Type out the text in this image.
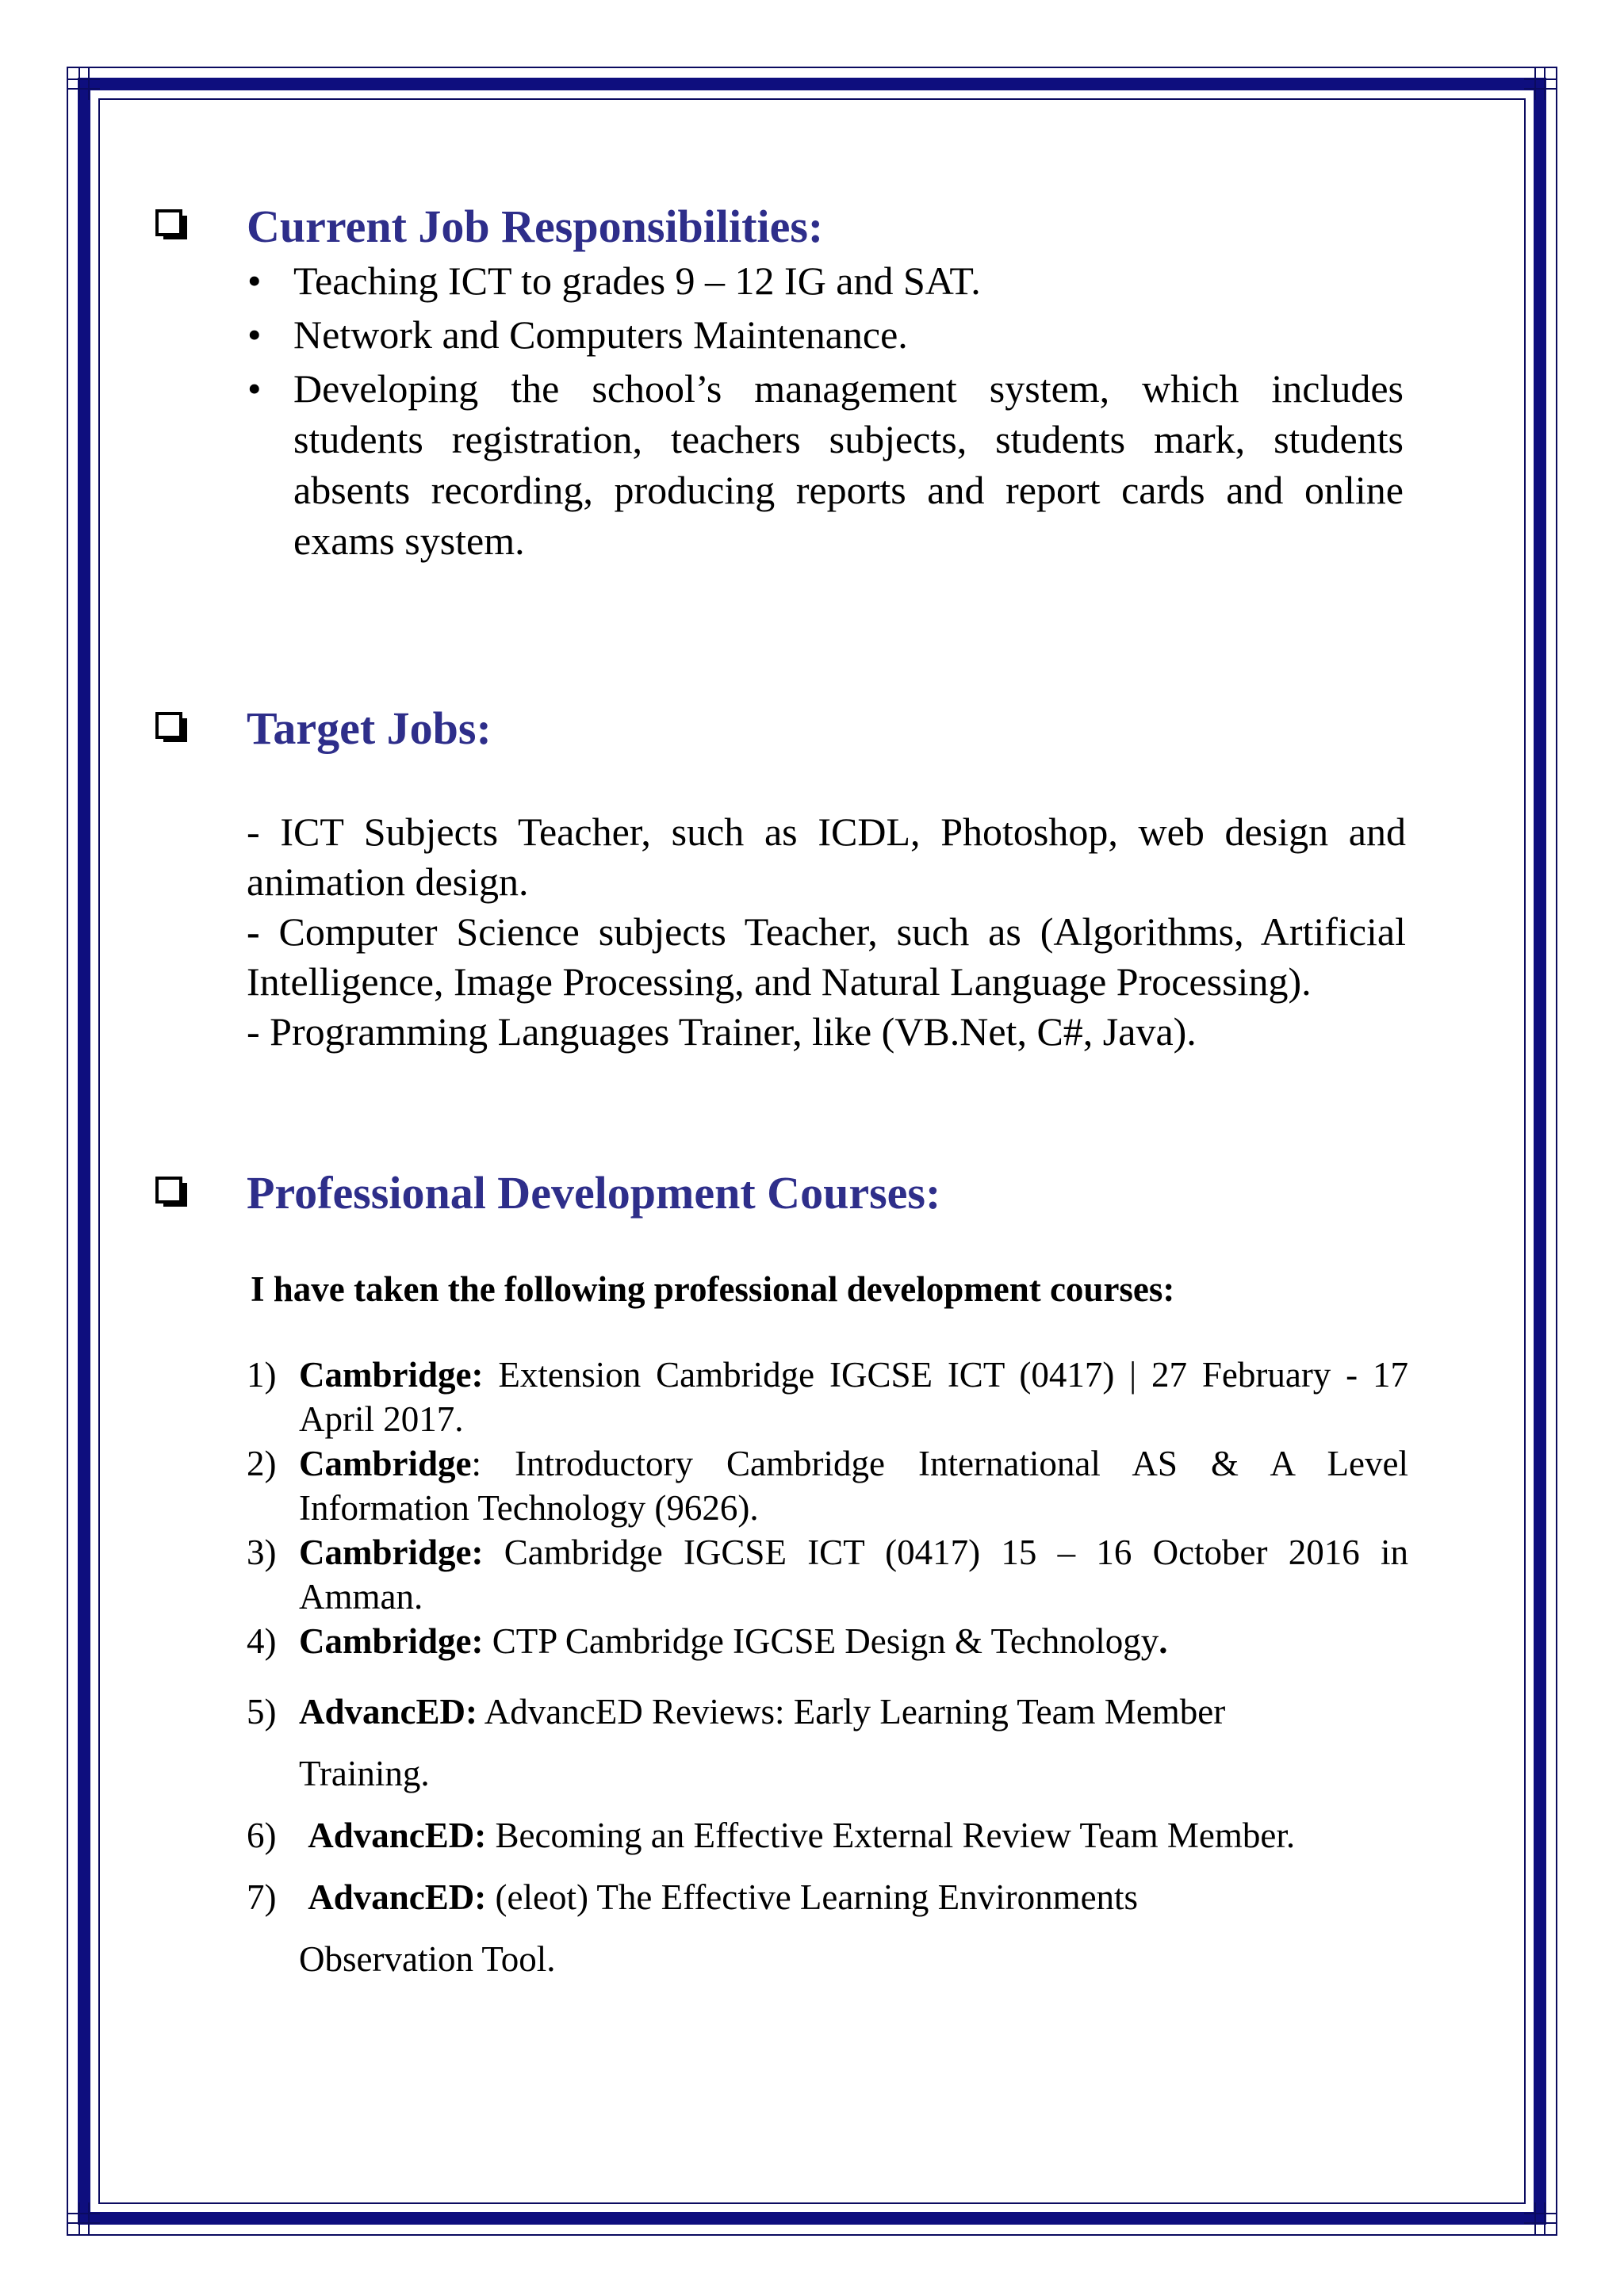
Current Job Responsibilities:
• Teaching ICT to grades 9 – 12 IG and SAT.
• Network and Computers Maintenance.
• Developing the school’s management system, which includes students registration, teachers subjects, students mark, students absents recording, producing reports and report cards and online exams system.
Target Jobs:
- ICT Subjects Teacher, such as ICDL, Photoshop, web design and animation design.
- Computer Science subjects Teacher, such as (Algorithms, Artificial Intelligence, Image Processing, and Natural Language Processing).
- Programming Languages Trainer, like (VB.Net, C#, Java).
Professional Development Courses:
I have taken the following professional development courses:
1) Cambridge: Extension Cambridge IGCSE ICT (0417) | 27 February - 17 April 2017.
2) Cambridge: Introductory Cambridge International AS & A Level Information Technology (9626).
3) Cambridge: Cambridge IGCSE ICT (0417) 15 – 16 October 2016 in Amman.
4) Cambridge: CTP Cambridge IGCSE Design & Technology.
5) AdvancED: AdvancED Reviews: Early Learning Team Member Training.
6) AdvancED: Becoming an Effective External Review Team Member.
7) AdvancED: (eleot) The Effective Learning Environments Observation Tool.
